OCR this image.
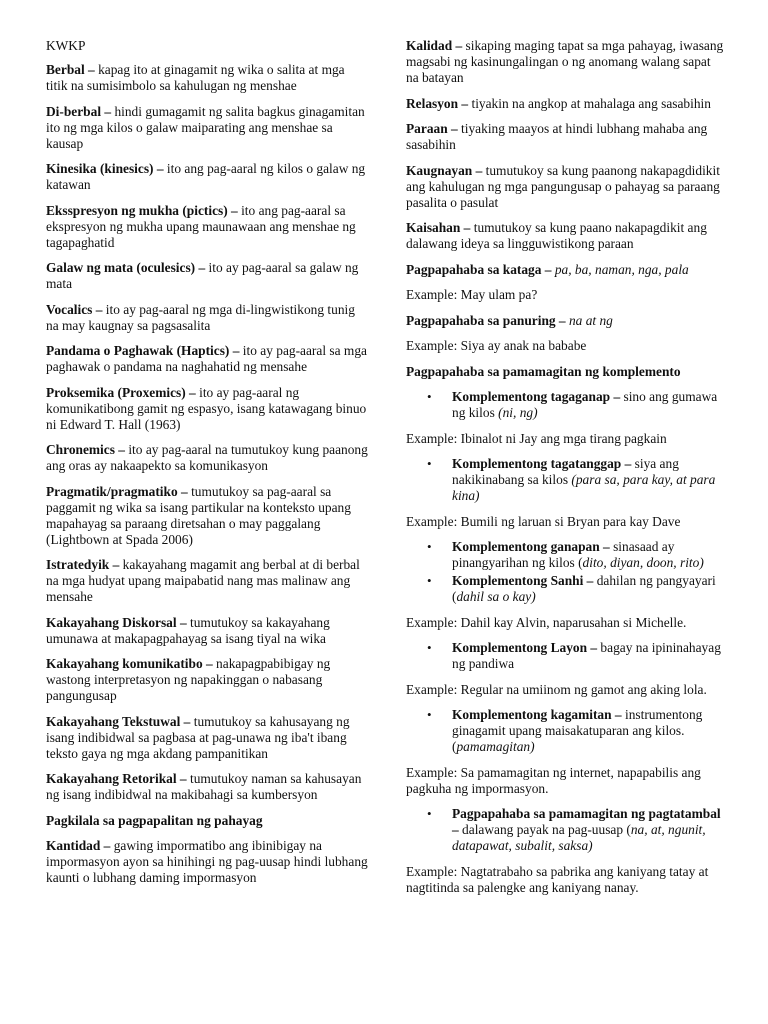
KWKP

Berbal – kapag ito at ginagamit ng wika o salita at mga titik na sumisimbolo sa kahulugan ng menshae

Di-berbal – hindi gumagamit ng salita bagkus ginagamitan ito ng mga kilos o galaw maiparating ang menshae sa kausap

Kinesika (kinesics) – ito ang pag-aaral ng kilos o galaw ng katawan

Eksspresyon ng mukha (pictics) – ito ang pag-aaral sa ekspresyon ng mukha upang maunawaan ang menshae ng tagapaghatid

Galaw ng mata (oculesics) – ito ay pag-aaral sa galaw ng mata

Vocalics – ito ay pag-aaral ng mga di-lingwistikong tunig na may kaugnay sa pagsasalita

Pandama o Paghawak (Haptics) – ito ay pag-aaral sa mga paghawak o pandama na naghahatid ng mensahe

Proksemika (Proxemics) – ito ay pag-aaral ng komunikatibong gamit ng espasyo, isang katawagang binuo ni Edward T. Hall (1963)

Chronemics – ito ay pag-aaral na tumutukoy kung paanong ang oras ay nakaapekto sa komunikasyon

Pragmatik/pragmatiko – tumutukoy sa pag-aaral sa paggamit ng wika sa isang partikular na konteksto upang mapahayag sa paraang diretsahan o may paggalang (Lightbown at Spada 2006)

Istratedyik – kakayahang magamit ang berbal at di berbal na mga hudyat upang maipabatid nang mas malinaw ang mensahe

Kakayahang Diskorsal – tumutukoy sa kakayahang umunawa at makapagpahayag sa isang tiyal na wika

Kakayahang komunikatibo – nakapagpabibigay ng wastong interpretasyon ng napakinggan o nabasang pangungusap

Kakayahang Tekstuwal – tumutukoy sa kahusayang ng isang indibidwal sa pagbasa at pag-unawa ng iba't ibang teksto gaya ng mga akdang pampanitikan

Kakayahang Retorikal – tumutukoy naman sa kahusayan ng isang indibidwal na makibahagi sa kumbersyon

Pagkilala sa pagpapalitan ng pahayag

Kantidad – gawing impormatibo ang ibinibigay na impormasyon ayon sa hinihingi ng pag-uusap hindi lubhang kaunti o lubhang daming impormasyon

Kalidad – sikaping maging tapat sa mga pahayag, iwasang magsabi ng kasinungalingan o ng anomang walang sapat na batayan

Relasyon – tiyakin na angkop at mahalaga ang sasabihin

Paraan – tiyaking maayos at hindi lubhang mahaba ang sasabihin

Kaugnayan – tumutukoy sa kung paanong nakapagdidikit ang kahulugan ng mga pangungusap o pahayag sa paraang pasalita o pasulat

Kaisahan – tumutukoy sa kung paano nakapagdikit ang dalawang ideya sa lingguwistikong paraan

Pagpapahaba sa kataga – pa, ba, naman, nga, pala

Example: May ulam pa?

Pagpapahaba sa panuring – na at ng

Example: Siya ay anak na bababe

Pagpapahaba sa pamamagitan ng komplemento

• Komplementong tagaganap – sino ang gumawa ng kilos (ni, ng)

Example: Ibinalot ni Jay ang mga tirang pagkain

• Komplementong tagatanggap – siya ang nakikinabang sa kilos (para sa, para kay, at para kina)

Example: Bumili ng laruan si Bryan para kay Dave

• Komplementong ganapan – sinasaad ay pinangyarihan ng kilos (dito, diyan, doon, rito)

• Komplementong Sanhi – dahilan ng pangyayari (dahil sa o kay)

Example: Dahil kay Alvin, naparusahan si Michelle.

• Komplementong Layon – bagay na ipininahayag ng pandiwa

Example: Regular na umiinom ng gamot ang aking lola.

• Komplementong kagamitan – instrumentong ginagamit upang maisakatuparan ang kilos. (pamamagitan)

Example: Sa pamamagitan ng internet, napapabilis ang pagkuha ng impormasyon.

• Pagpapahaba sa pamamagitan ng pagtatambal – dalawang payak na pag-uusap (na, at, ngunit, datapawat, subalit, saksa)

Example: Nagtatrabaho sa pabrika ang kaniyang tatay at nagtitinda sa palengke ang kaniyang nanay.
